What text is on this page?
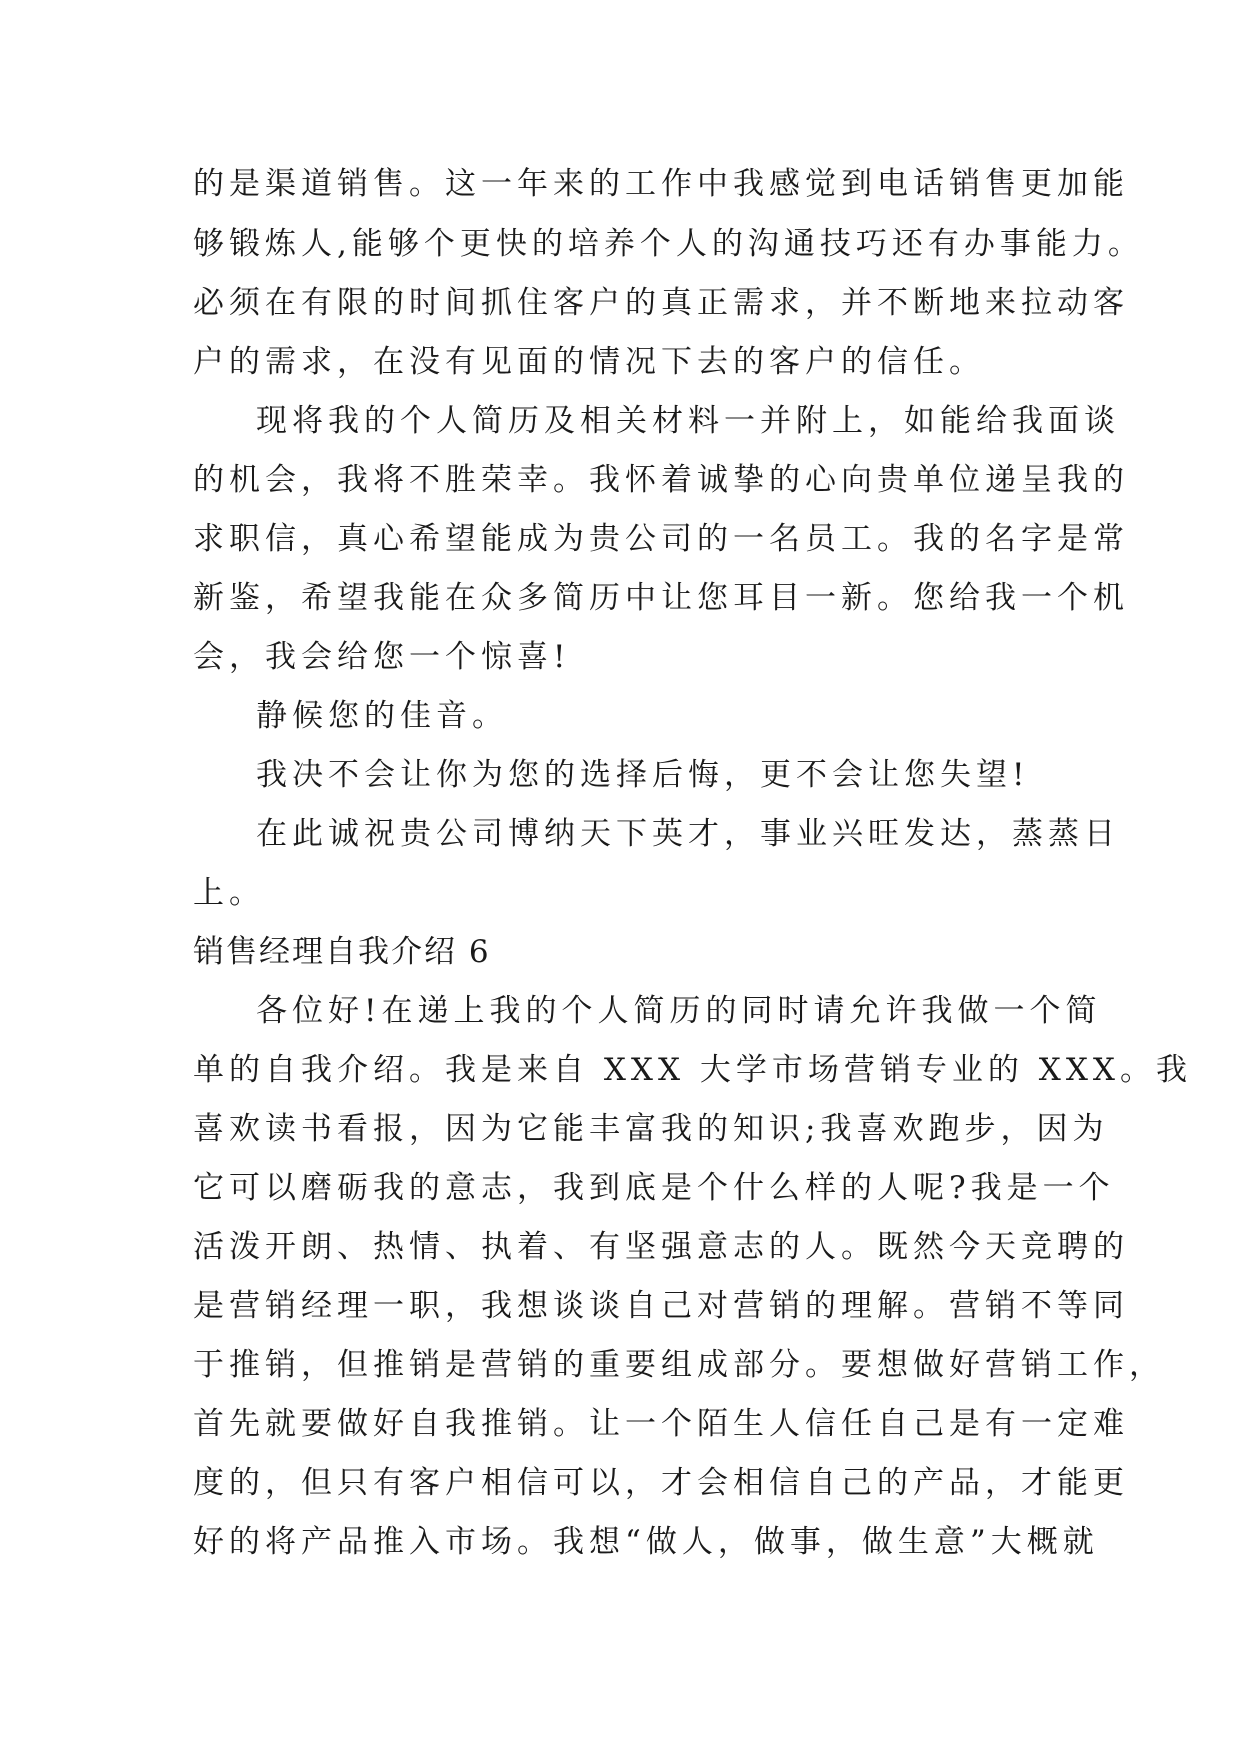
的是渠道销售。这一年来的工作中我感觉到电话销售更加能

够锻炼人,能够个更快的培养个人的沟通技巧还有办事能力。

必须在有限的时间抓住客户的真正需求，并不断地来拉动客

户的需求，在没有见面的情况下去的客户的信任。

现将我的个人简历及相关材料一并附上，如能给我面谈

的机会，我将不胜荣幸。我怀着诚挚的心向贵单位递呈我的

求职信，真心希望能成为贵公司的一名员工。我的名字是常

新鉴，希望我能在众多简历中让您耳目一新。您给我一个机

会，我会给您一个惊喜!

静候您的佳音。

我决不会让你为您的选择后悔，更不会让您失望!

在此诚祝贵公司博纳天下英才，事业兴旺发达，蒸蒸日

上。

销售经理自我介绍 6

各位好!在递上我的个人简历的同时请允许我做一个简

单的自我介绍。我是来自 XXX 大学市场营销专业的 XXX。我

喜欢读书看报，因为它能丰富我的知识;我喜欢跑步，因为

它可以磨砺我的意志，我到底是个什么样的人呢?我是一个

活泼开朗、热情、执着、有坚强意志的人。既然今天竞聘的

是营销经理一职，我想谈谈自己对营销的理解。营销不等同

于推销，但推销是营销的重要组成部分。要想做好营销工作，

首先就要做好自我推销。让一个陌生人信任自己是有一定难

度的，但只有客户相信可以，才会相信自己的产品，才能更

好的将产品推入市场。我想“做人，做事，做生意”大概就
